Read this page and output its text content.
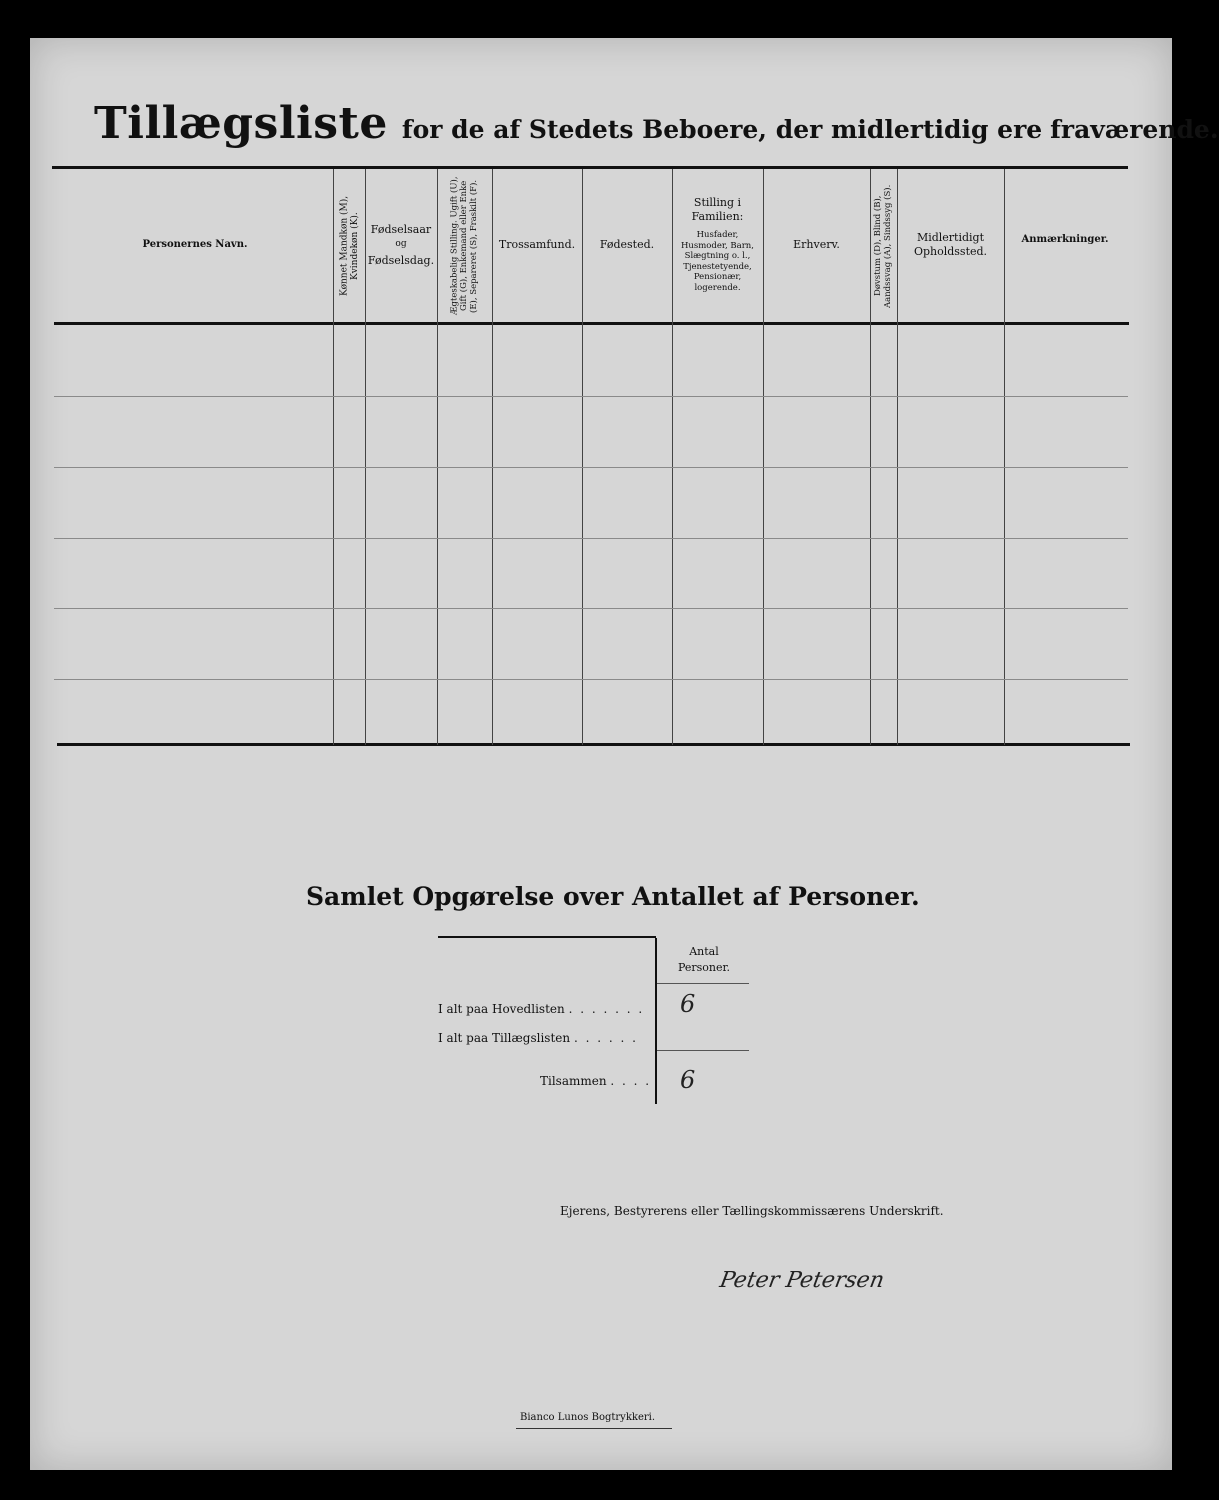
Tillægsliste for de af Stedets Beboere, der midlertidig ere fraværende.
Personernes Navn.	Kønnet Mandkøn (M), Kvindekøn (K). Fødselsaar
og
Fødselsdag. Ægteskabelig Stilling. Ugift (U), Gift (G), Enkemand eller Enke (E), Separeret (S), Fraskilt (F). Trossamfund. Fødested.
Stilling i Familien:
Husfader, Husmoder, Barn, Slægtning o. l., Tjenestetyende, Pensionær, logerende.
Erhverv.	Døvstum (D), Blind (B), Aandssvag (A), Sindssyg (S). Midlertidigt
Opholdssted.
Anmærkninger.
Samlet Opgørelse over Antallet af Personer.
Antal
Personer.
I alt paa Hovedlisten . . . . . . .
I alt paa Tillægslisten . . . . . .
Tilsammen . . . .
6
6
Ejerens, Bestyrerens eller Tællingskommissærens Underskrift.
Peter Petersen
Bianco Lunos Bogtrykkeri.
